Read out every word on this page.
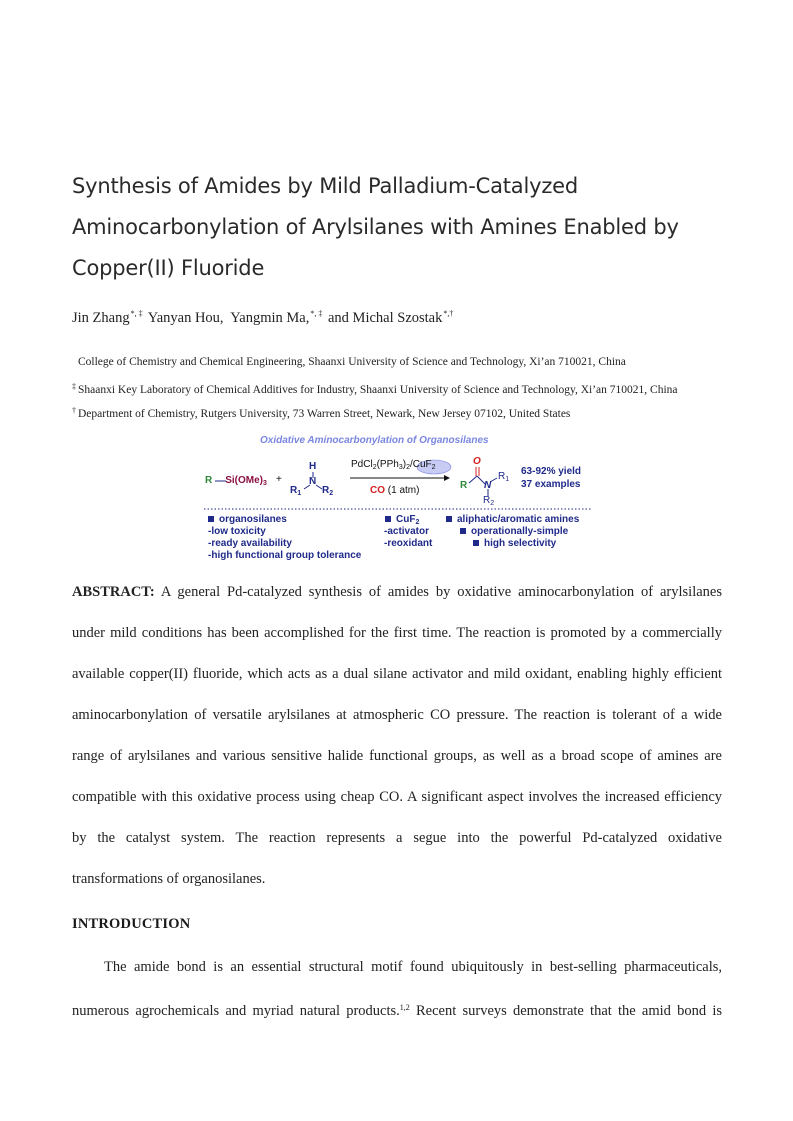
Synthesis of Amides by Mild Palladium-Catalyzed
Aminocarbonylation of Arylsilanes with Amines Enabled by
Copper(II) Fluoride
Jin Zhang*, ‡ Yanyan Hou, Yangmin Ma,*, ‡ and Michal Szostak*,†
College of Chemistry and Chemical Engineering, Shaanxi University of Science and Technology, Xi’an 710021, China
‡ Shaanxi Key Laboratory of Chemical Additives for Industry, Shaanxi University of Science and Technology, Xi’an 710021, China
† Department of Chemistry, Rutgers University, 73 Warren Street, Newark, New Jersey 07102, United States
Oxidative Aminocarbonylation of Organosilanes
R $Si(OMe)_3$ +
H
N
$R_1$ $R_2$
$PdCl_2(PPh_3)_2/CuF_2$
CO (1 atm)
O
R N
$R_1$
$R_2$
63-92% yield
37 examples
organosilanes
-low toxicity
-ready availability
-high functional group tolerance
CuF$_2$
-activator
-reoxidant
aliphatic/aromatic amines
operationally-simple
high selectivity
ABSTRACT: A general Pd-catalyzed synthesis of amides by oxidative aminocarbonylation of arylsilanes
under mild conditions has been accomplished for the first time. The reaction is promoted by a commercially
available copper(II) fluoride, which acts as a dual silane activator and mild oxidant, enabling highly efficient
aminocarbonylation of versatile arylsilanes at atmospheric CO pressure. The reaction is tolerant of a wide
range of arylsilanes and various sensitive halide functional groups, as well as a broad scope of amines are
compatible with this oxidative process using cheap CO. A significant aspect involves the increased efficiency
by the catalyst system. The reaction represents a segue into the powerful Pd-catalyzed oxidative
transformations of organosilanes.
INTRODUCTION
The amide bond is an essential structural motif found ubiquitously in best-selling pharmaceuticals,
numerous agrochemicals and myriad natural products.$^{1,2}$ Recent surveys demonstrate that the amid bond is
